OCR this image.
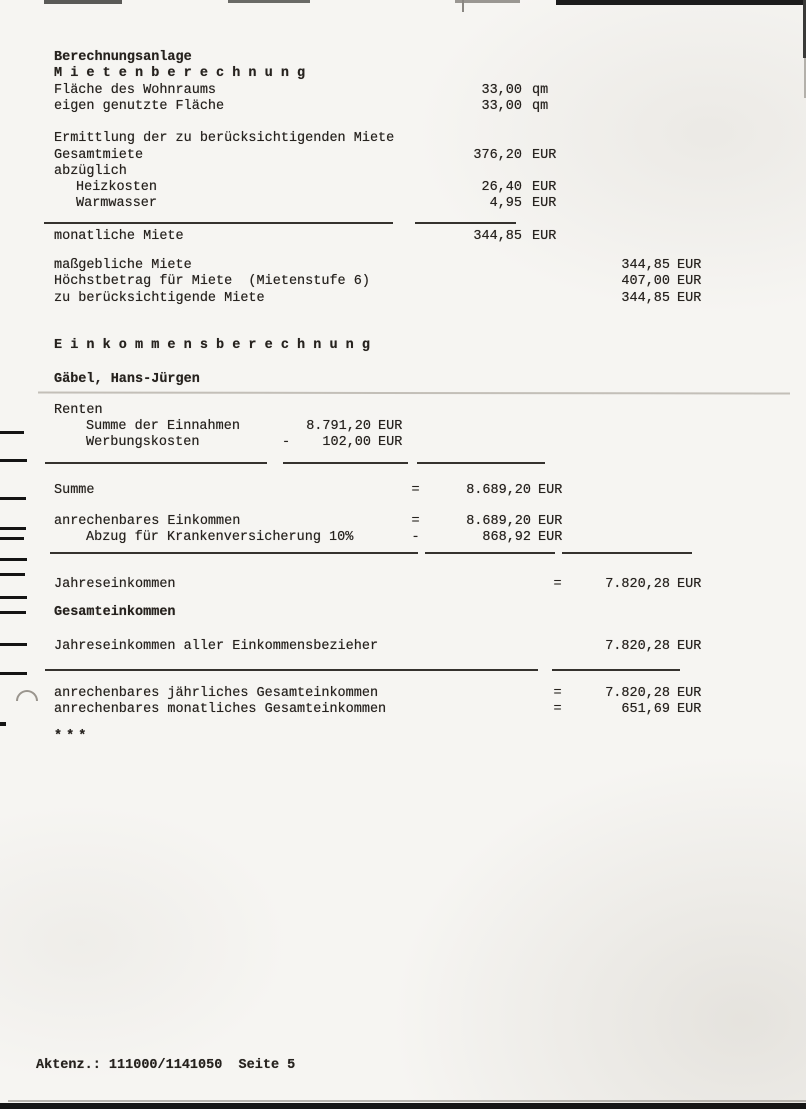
Berechnungsanlage
M i e t e n b e r e c h n u n g
Fläche des Wohnraums	33,00 qm
eigen genutzte Fläche	33,00 qm
Ermittlung der zu berücksichtigenden Miete
Gesamtmiete	376,20 EUR
abzüglich
Heizkosten	26,40 EUR
Warmwasser	4,95 EUR
monatliche Miete	344,85 EUR
maßgebliche Miete	344,85 EUR
Höchstbetrag für Miete  (Mietenstufe 6)	407,00 EUR
zu berücksichtigende Miete	344,85 EUR
E i n k o m m e n s b e r e c h n u n g
Gäbel, Hans-Jürgen
Renten
Summe der Einnahmen	8.791,20 EUR
Werbungskosten	-	102,00 EUR
Summe	=	8.689,20 EUR
anrechenbares Einkommen	=	8.689,20 EUR
Abzug für Krankenversicherung 10%	-	868,92 EUR
Jahreseinkommen	=	7.820,28 EUR
Gesamteinkommen
Jahreseinkommen aller Einkommensbezieher	7.820,28 EUR
anrechenbares jährliches Gesamteinkommen	=	7.820,28 EUR
anrechenbares monatliches Gesamteinkommen	=	651,69 EUR
***
Aktenz.: 111000/1141050  Seite 5
